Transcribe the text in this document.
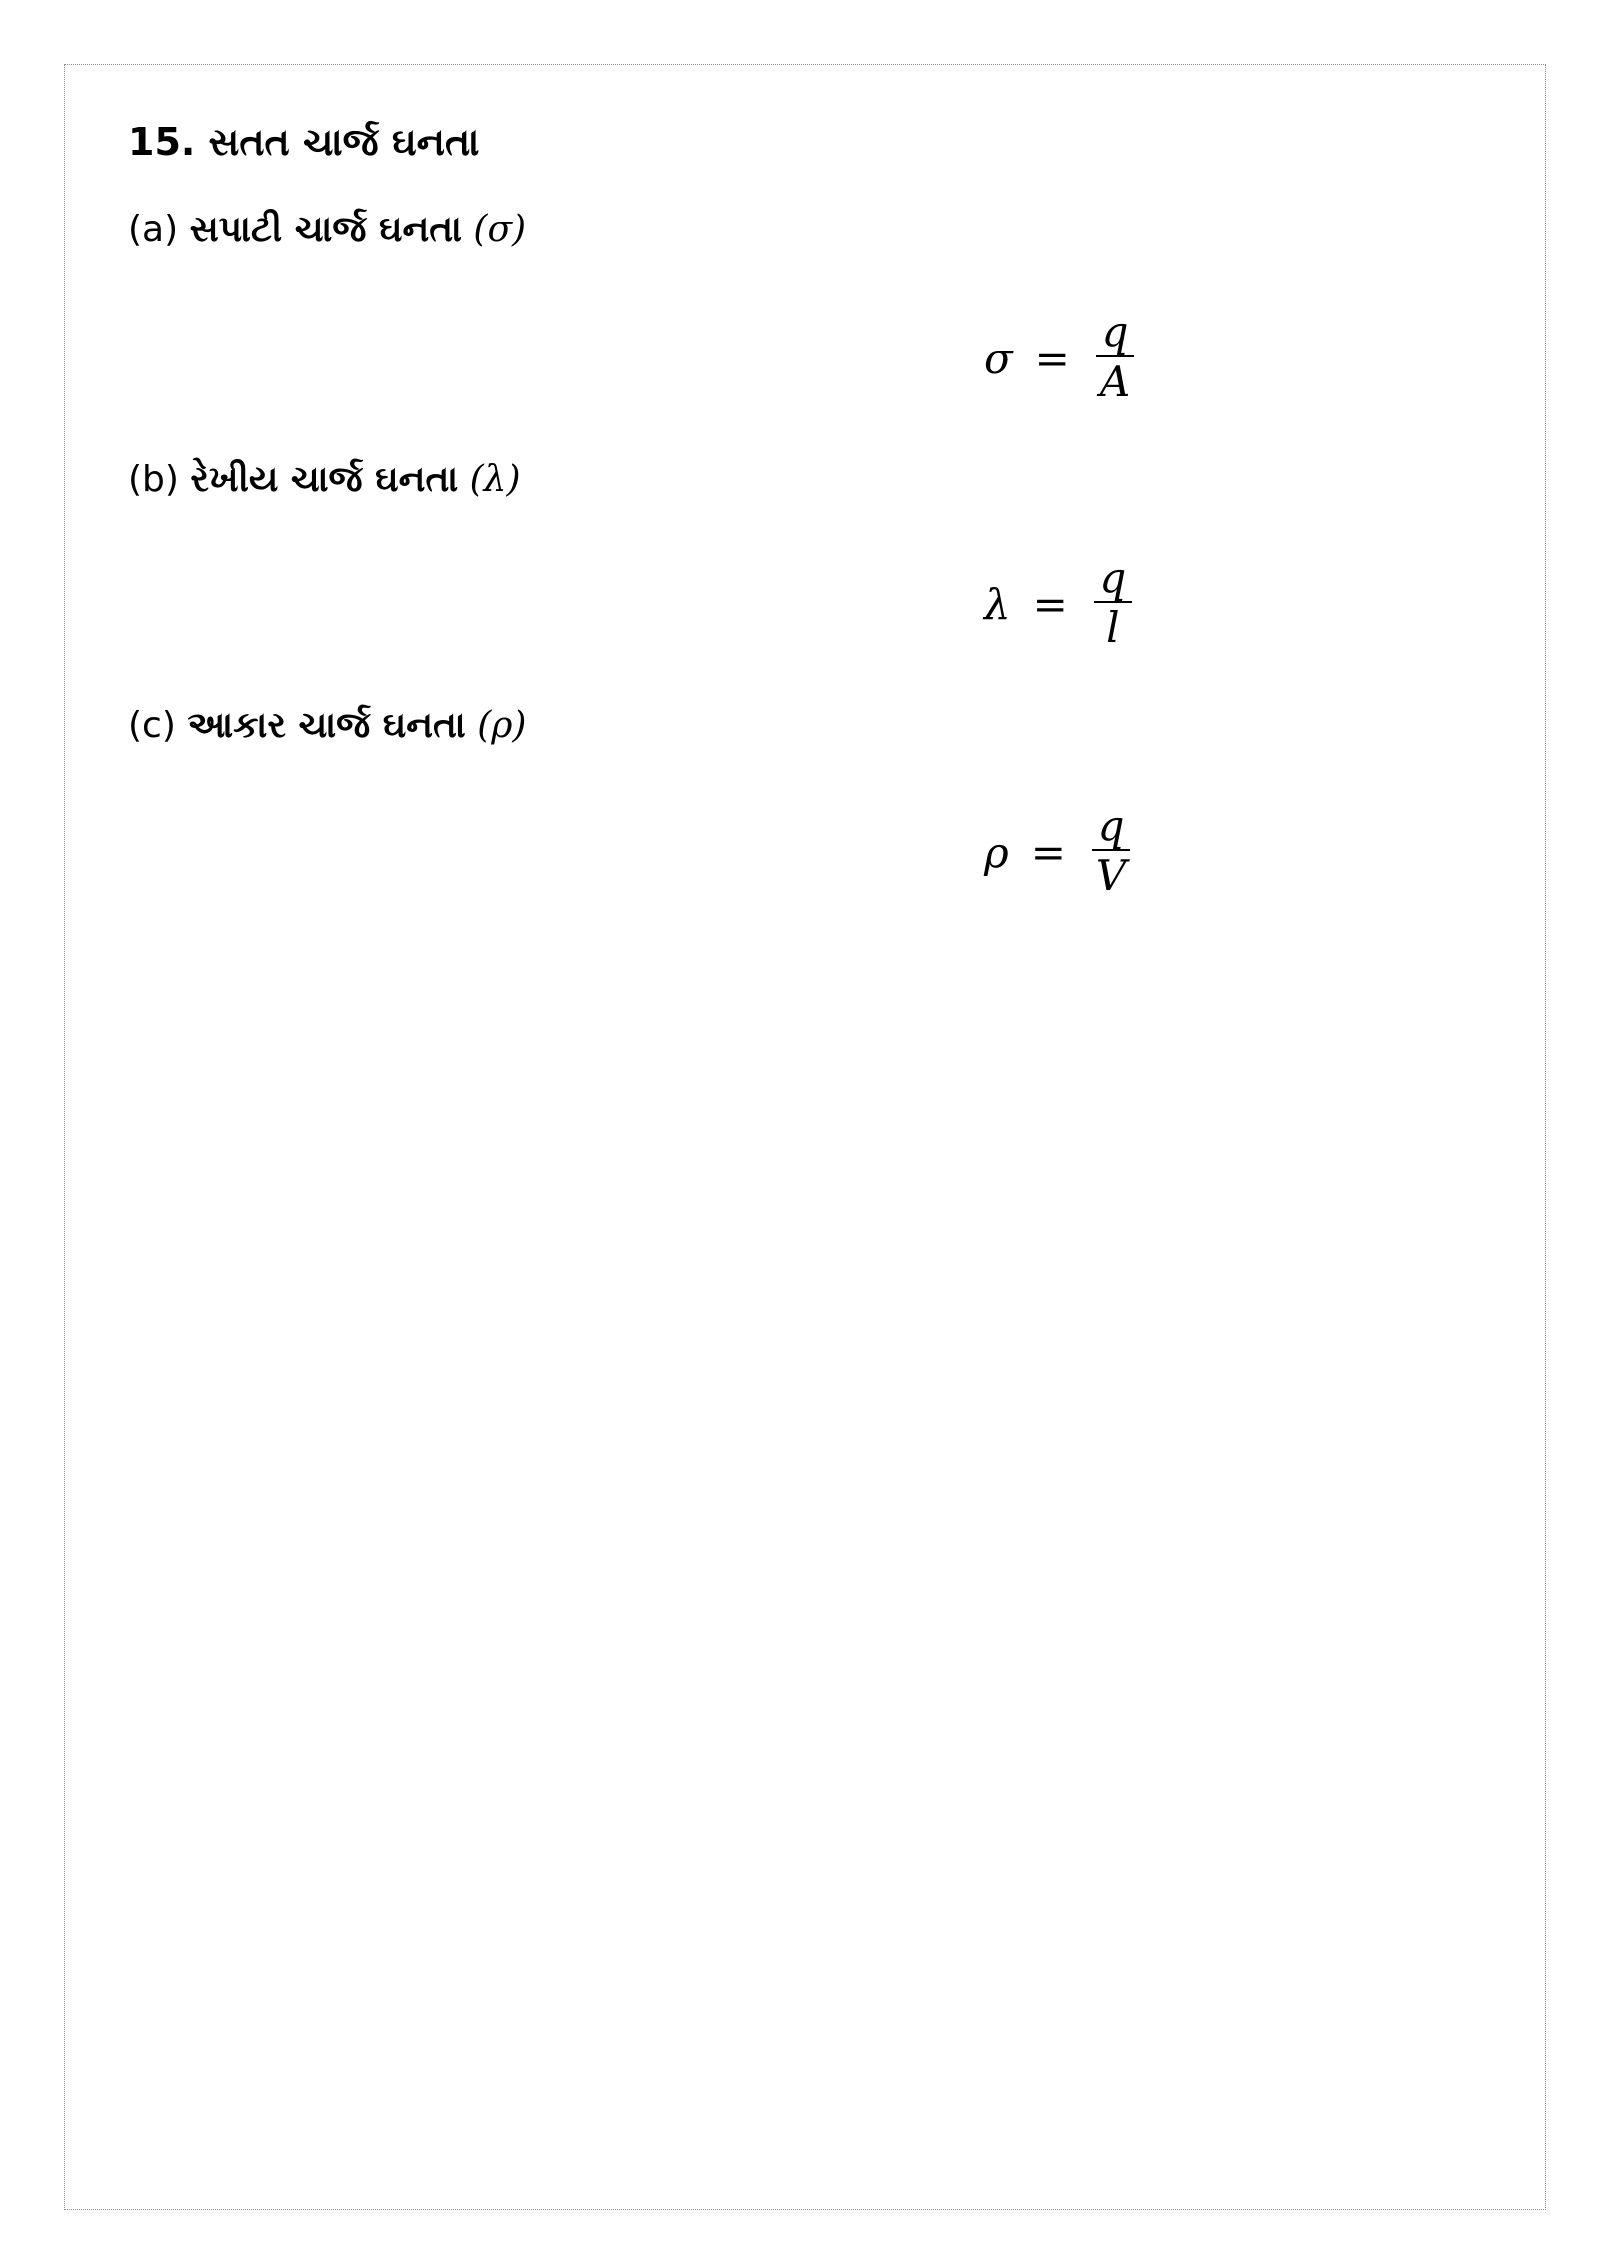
15. સતત ચાર્જ ઘનતા
(a) સપાટી ચાર્જ ઘનતા (σ)
$\sigma = \frac{q}{A}$
(b) રેખીય ચાર્જ ઘનતા (λ)
$\lambda = \frac{q}{l}$
(c) આકાર ચાર્જ ઘનતા (ρ)
$\rho = \frac{q}{V}$
